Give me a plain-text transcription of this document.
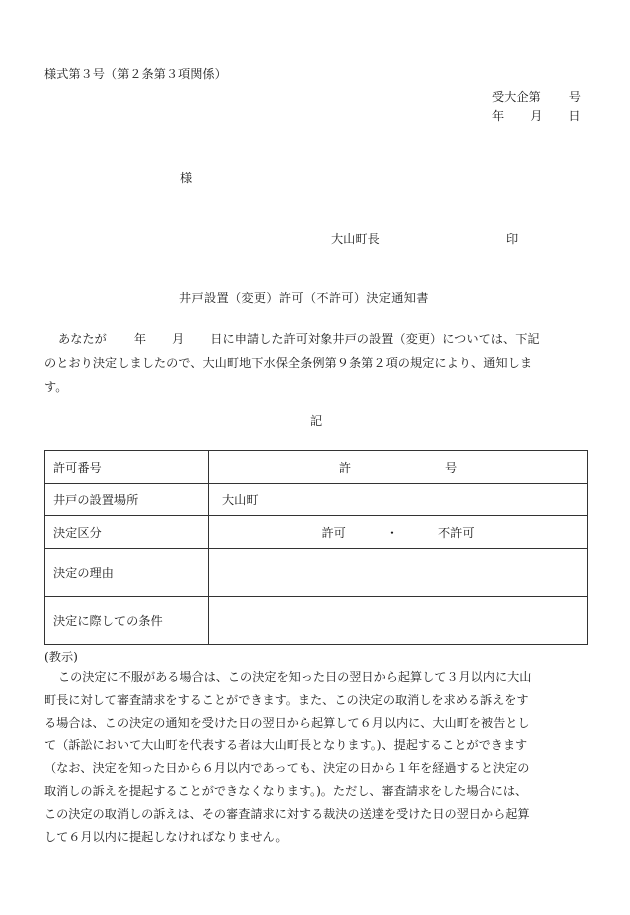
様式第３号（第２条第３項関係）
受大企第 号
年 月 日
様
大山町長	印
井戸設置（変更）許可（不許可）決定通知書
あなたが 年 月 日に申請した許可対象井戸の設置（変更）については、下記
のとおり決定しましたので、大山町地下水保全条例第９条第２項の規定により、通知しま
す。
記
許可番号	許 号
井戸の設置場所	大山町
決定区分	許可 ・ 不許可
決定の理由	
決定に際しての条件	
(教示)
この決定に不服がある場合は、この決定を知った日の翌日から起算して３月以内に大山
町長に対して審査請求をすることができます。また、この決定の取消しを求める訴えをす
る場合は、この決定の通知を受けた日の翌日から起算して６月以内に、大山町を被告とし
て（訴訟において大山町を代表する者は大山町長となります。)、提起することができます
（なお、決定を知った日から６月以内であっても、決定の日から１年を経過すると決定の
取消しの訴えを提起することができなくなります。)。ただし、審査請求をした場合には、
この決定の取消しの訴えは、その審査請求に対する裁決の送達を受けた日の翌日から起算
して６月以内に提起しなければなりません。
